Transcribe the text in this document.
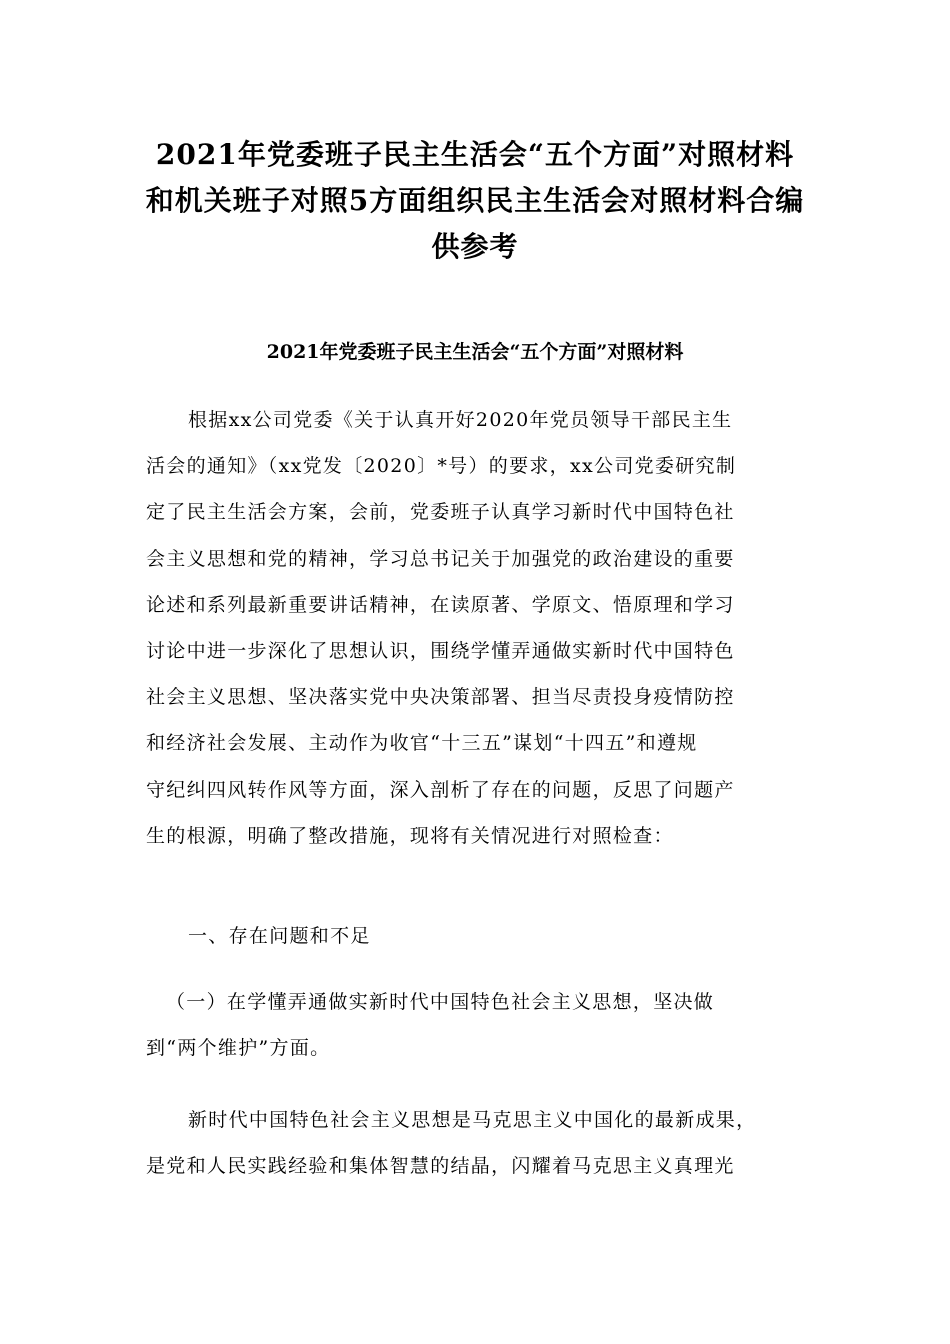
2021年党委班子民主生活会“五个方面”对照材料
和机关班子对照5方面组织民主生活会对照材料合编
供参考
2021年党委班子民主生活会“五个方面”对照材料
根据xx公司党委《关于认真开好2020年党员领导干部民主生
活会的通知》（xx党发〔2020〕*号）的要求，xx公司党委研究制
定了民主生活会方案，会前，党委班子认真学习新时代中国特色社
会主义思想和党的精神，学习总书记关于加强党的政治建设的重要
论述和系列最新重要讲话精神，在读原著、学原文、悟原理和学习
讨论中进一步深化了思想认识，围绕学懂弄通做实新时代中国特色
社会主义思想、坚决落实党中央决策部署、担当尽责投身疫情防控
和经济社会发展、主动作为收官“十三五”谋划“十四五”和遵规
守纪纠四风转作风等方面，深入剖析了存在的问题，反思了问题产
生的根源，明确了整改措施，现将有关情况进行对照检查：
一、存在问题和不足
（一）在学懂弄通做实新时代中国特色社会主义思想，坚决做
到“两个维护”方面。
新时代中国特色社会主义思想是马克思主义中国化的最新成果，
是党和人民实践经验和集体智慧的结晶，闪耀着马克思主义真理光
